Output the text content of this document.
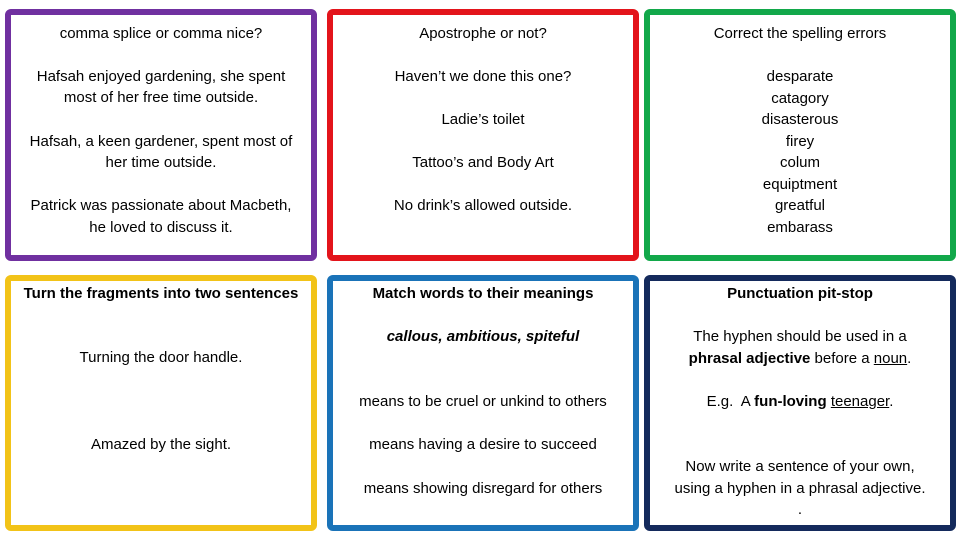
comma splice or comma nice?
Hafsah enjoyed gardening, she spent
most of her free time outside.
Hafsah, a keen gardener, spent most of
her time outside.
Patrick was passionate about Macbeth,
he loved to discuss it.
Apostrophe or not?
Haven’t we done this one?
Ladie’s toilet
Tattoo’s and Body Art
No drink’s allowed outside.
Correct the spelling errors
desparate
catagory
disasterous
firey
colum
equiptment
greatful
embarass
Turn the fragments into two sentences
Turning the door handle.
Amazed by the sight.
Match words to their meanings
callous, ambitious, spiteful
means to be cruel or unkind to others
means having a desire to succeed
means showing disregard for others
Punctuation pit-stop
The hyphen should be used in a
phrasal adjective before a noun.
E.g.  A fun-loving teenager.
Now write a sentence of your own,
using a hyphen in a phrasal adjective.
.
